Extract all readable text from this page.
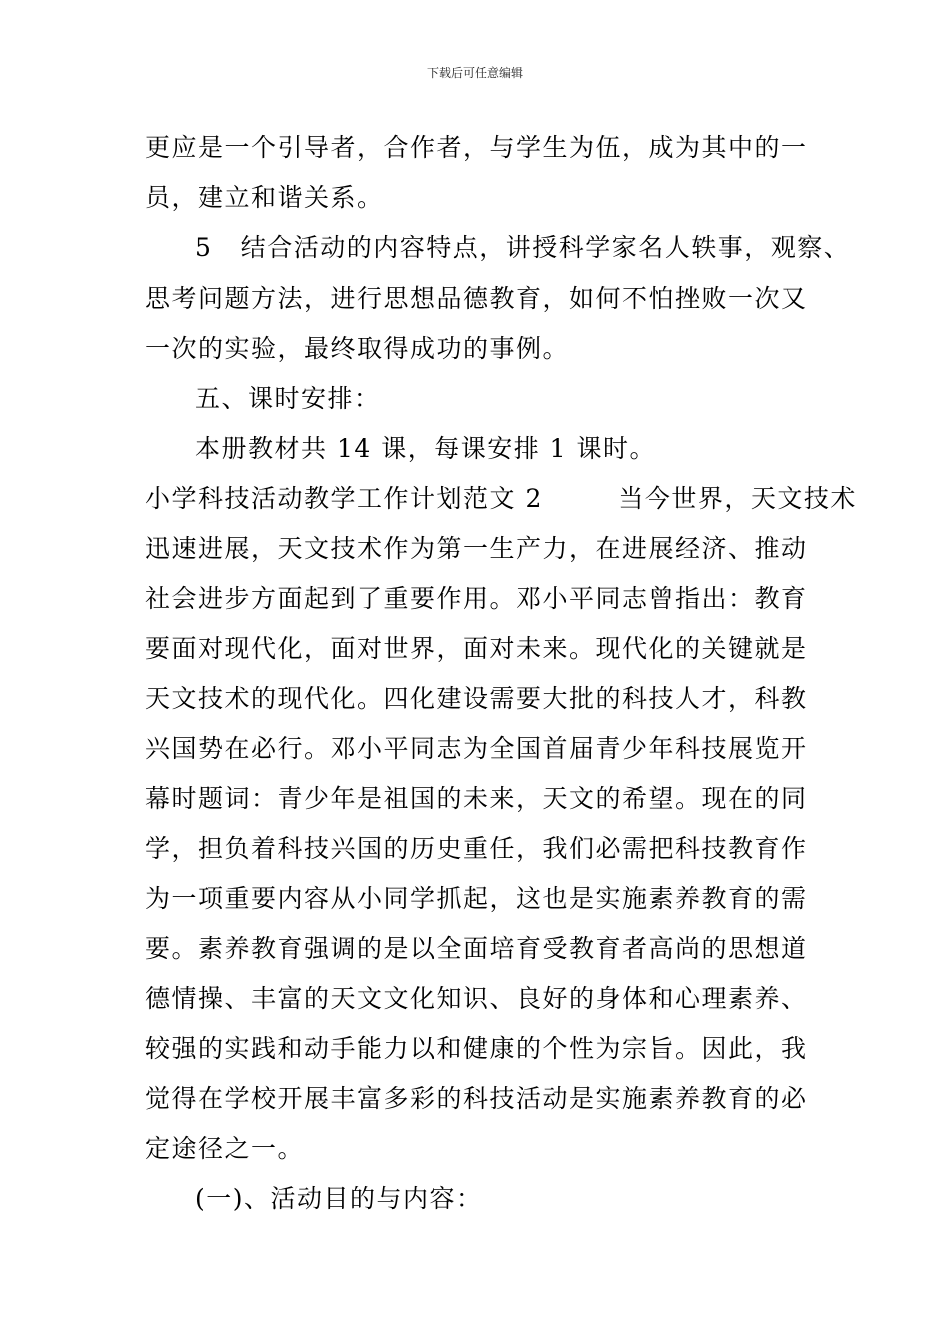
下载后可任意编辑
更应是一个引导者，合作者，与学生为伍，成为其中的一
员，建立和谐关系。
5   结合活动的内容特点，讲授科学家名人轶事，观察、
思考问题方法，进行思想品德教育，如何不怕挫败一次又
一次的实验，最终取得成功的事例。
五、课时安排：
本册教材共 14 课，每课安排 1 课时。
小学科技活动教学工作计划范文 2        当今世界，天文技术
迅速进展，天文技术作为第一生产力，在进展经济、推动
社会进步方面起到了重要作用。邓小平同志曾指出：教育
要面对现代化，面对世界，面对未来。现代化的关键就是
天文技术的现代化。四化建设需要大批的科技人才，科教
兴国势在必行。邓小平同志为全国首届青少年科技展览开
幕时题词：青少年是祖国的未来，天文的希望。现在的同
学，担负着科技兴国的历史重任，我们必需把科技教育作
为一项重要内容从小同学抓起，这也是实施素养教育的需
要。素养教育强调的是以全面培育受教育者高尚的思想道
德情操、丰富的天文文化知识、良好的身体和心理素养、
较强的实践和动手能力以和健康的个性为宗旨。因此，我
觉得在学校开展丰富多彩的科技活动是实施素养教育的必
定途径之一。
(一)、活动目的与内容：
